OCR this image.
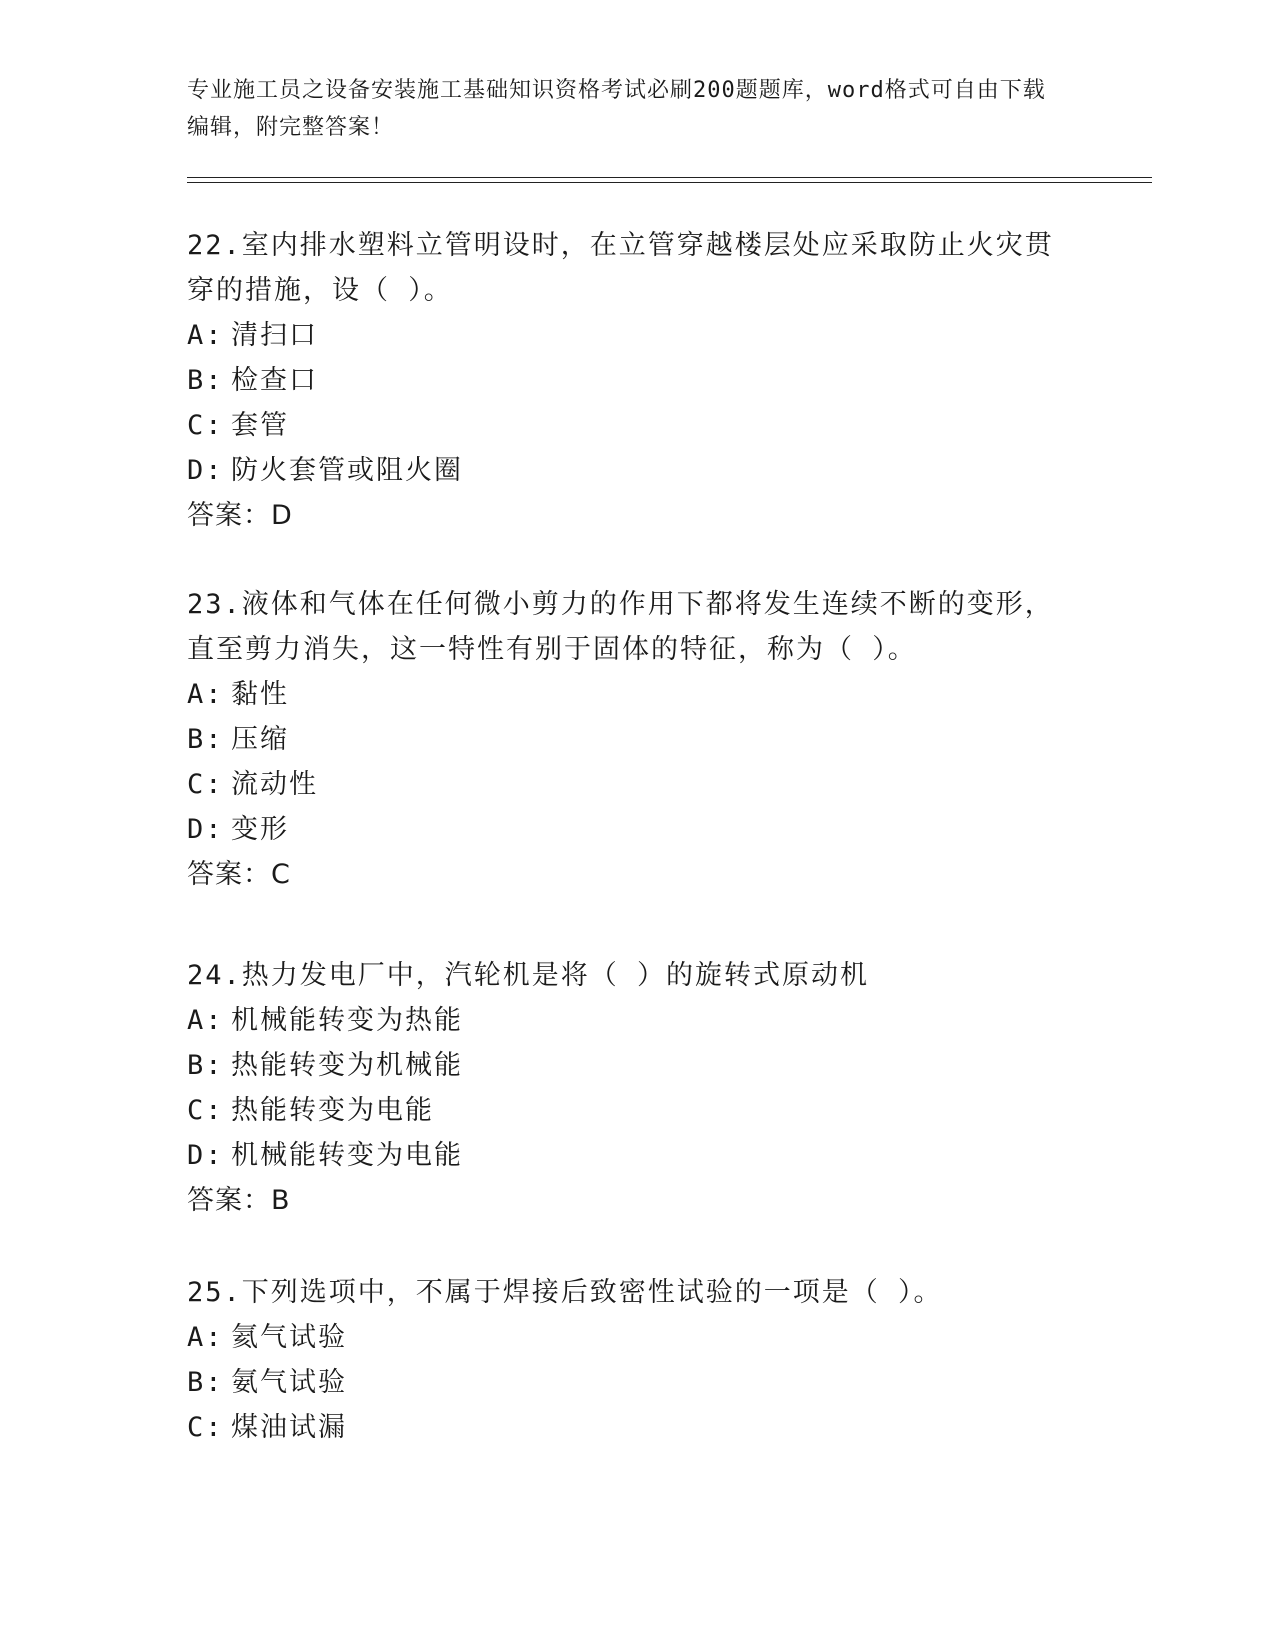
专业施工员之设备安装施工基础知识资格考试必刷200题题库，word格式可自由下载编辑，附完整答案！

22.室内排水塑料立管明设时，在立管穿越楼层处应采取防止火灾贯穿的措施，设（ ）。

A: 清扫口

B: 检查口

C: 套管

D: 防火套管或阻火圈

答案：D

23.液体和气体在任何微小剪力的作用下都将发生连续不断的变形，直至剪力消失，这一特性有别于固体的特征，称为（ ）。

A: 黏性

B: 压缩

C: 流动性

D: 变形

答案：C

24.热力发电厂中，汽轮机是将（ ）的旋转式原动机

A: 机械能转变为热能

B: 热能转变为机械能

C: 热能转变为电能

D: 机械能转变为电能

答案：B

25.下列选项中，不属于焊接后致密性试验的一项是（ ）。

A: 氦气试验

B: 氨气试验

C: 煤油试漏
